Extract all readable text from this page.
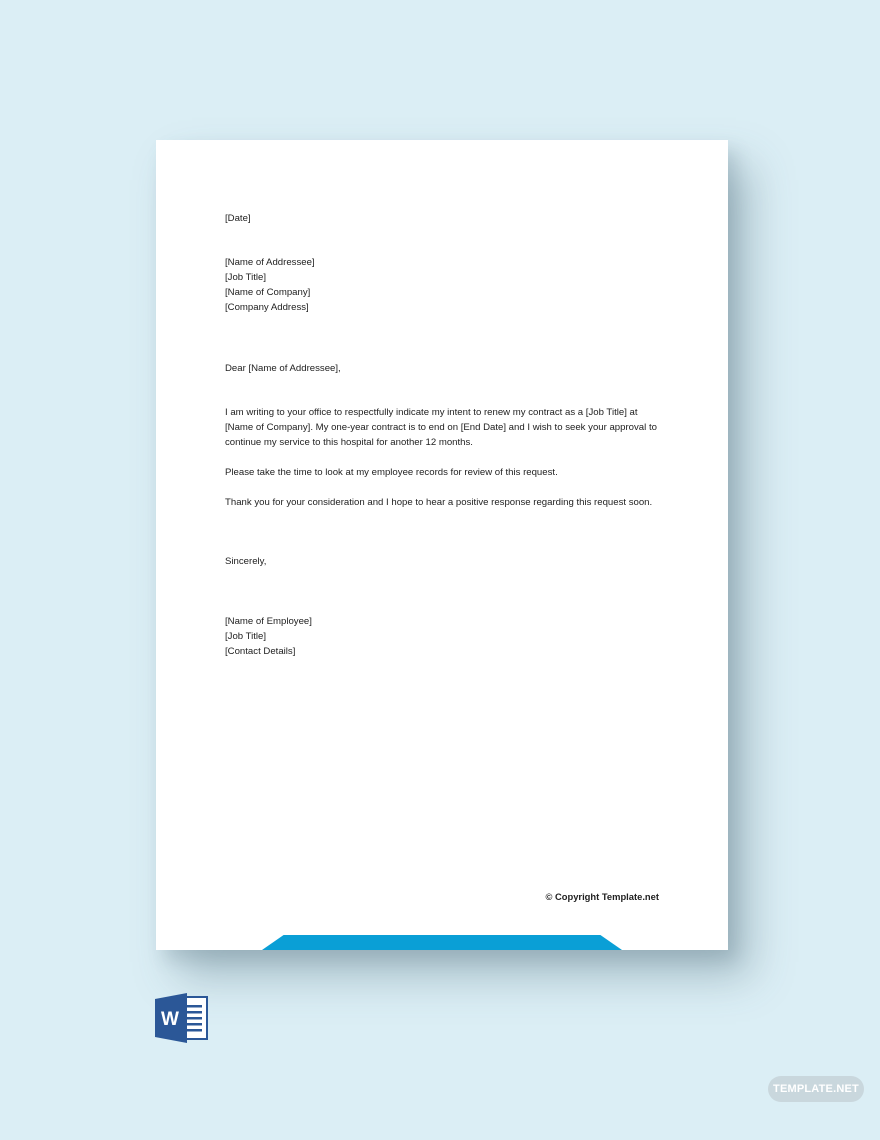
[Date]
[Name of Addressee]
[Job Title]
[Name of Company]
[Company Address]
Dear [Name of Addressee],

I am writing to your office to respectfully indicate my intent to renew my contract as a [Job Title] at [Name of Company]. My one-year contract is to end on [End Date] and I wish to seek your approval to continue my service to this hospital for another 12 months.

Please take the time to look at my employee records for review of this request.

Thank you for your consideration and I hope to hear a positive response regarding this request soon.

Sincerely,
[Name of Employee]
[Job Title]
[Contact Details]
© Copyright Template.net
W
TEMPLATE.NET
